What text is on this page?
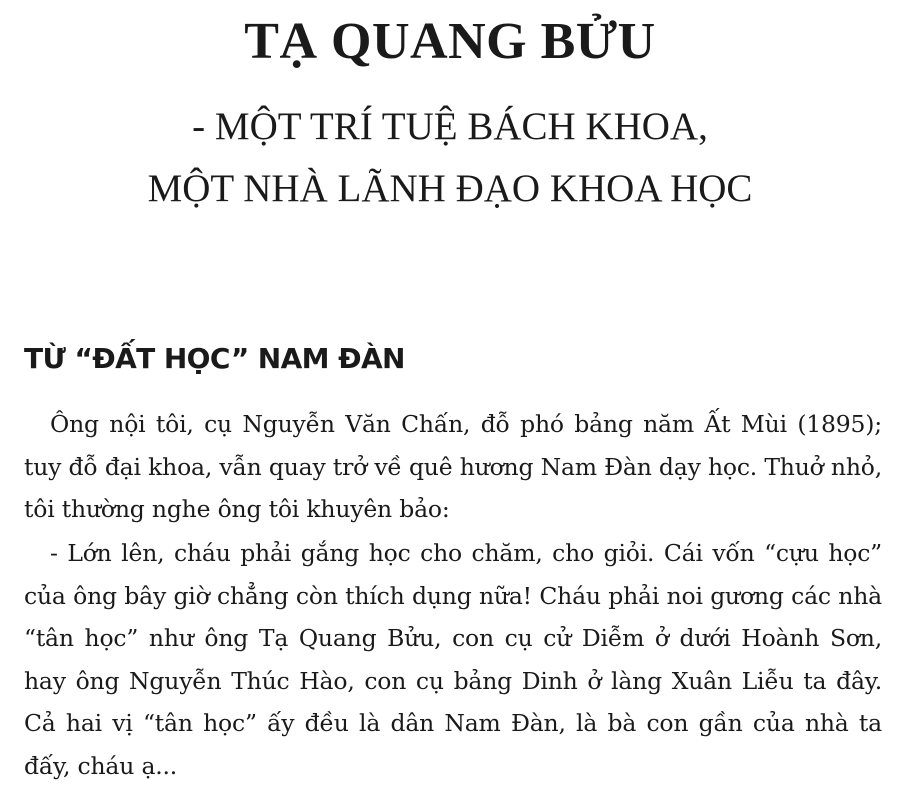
TẠ QUANG BỬU
- MỘT TRÍ TUỆ BÁCH KHOA,
MỘT NHÀ LÃNH ĐẠO KHOA HỌC
TỪ “ĐẤT HỌC” NAM ĐÀN

Ông nội tôi, cụ Nguyễn Văn Chấn, đỗ phó bảng năm Ất Mùi (1895); tuy đỗ đại khoa, vẫn quay trở về quê hương Nam Đàn dạy học. Thuở nhỏ, tôi thường nghe ông tôi khuyên bảo:

- Lớn lên, cháu phải gắng học cho chăm, cho giỏi. Cái vốn “cựu học” của ông bây giờ chẳng còn thích dụng nữa! Cháu phải noi gương các nhà “tân học” như ông Tạ Quang Bửu, con cụ cử Diễm ở dưới Hoành Sơn, hay ông Nguyễn Thúc Hào, con cụ bảng Dinh ở làng Xuân Liễu ta đây. Cả hai vị “tân học” ấy đều là dân Nam Đàn, là bà con gần của nhà ta đấy, cháu ạ...
